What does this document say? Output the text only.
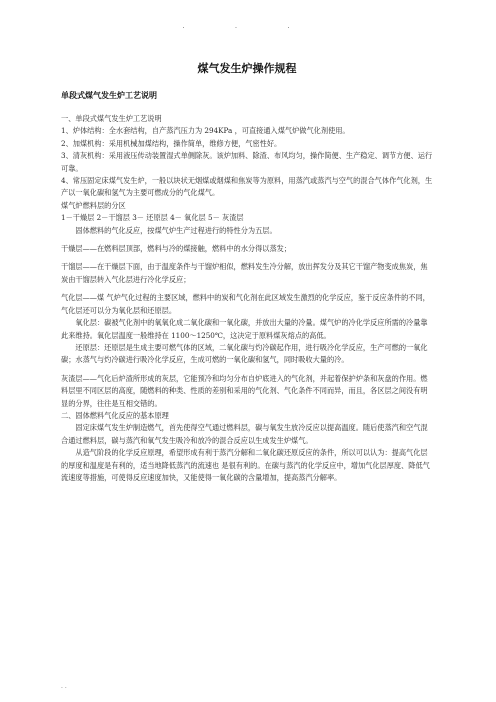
. . .
煤气发生炉操作规程
单段式煤气发生炉工艺说明

一、单段式煤气发生炉工艺说明

1、炉体结构：全水套结构，自产蒸汽压力为 294KPa ，可直接通入煤气炉做气化剂使用。

2、加煤机构：采用机械加煤结构，操作简单，维修方便，气密性好。

3、清灰机构：采用液压传动装置湿式单侧除灰。该炉加料、除渣、布风均匀，操作简便、生产稳定、调节方便、运行可靠。

4、常压固定床煤气发生炉，一般以块状无烟煤或烟煤和焦炭等为原料，用蒸汽或蒸汽与空气的混合气体作气化剂，生产以一氧化碳和氢气为主要可燃成分的气化煤气。

煤气炉燃料层的分区

1－干燥层 2－干馏层 3－ 还原层 4－ 氧化层 5－ 灰渣层

固体燃料的气化反应，按煤气炉生产过程进行的特性分为五层。

干燥层——在燃料层顶部，燃料与冷的煤接触，燃料中的水分得以蒸发；

干馏层——在干燥层下面，由于温度条件与干馏炉相似，燃料发生冷分解，放出挥发分及其它干馏产物变成焦炭，焦炭由干馏层转入气化层进行冷化学反应；

气化层——煤 气炉气化过程的主要区域，燃料中的炭和气化剂在此区域发生激烈的化学反应，鉴于反应条件的不同，气化层还可以分为氧化层和还原层。

氧化层：碳被气化剂中的氧氧化成二氧化碳和一氧化碳，并放出大量的冷量。煤气炉的冷化学反应所需的冷量靠此来维持。氧化层温度一般维持在 1100～1250℃，这决定于原料煤灰熔点的高低。

还原层：还原层是生成主要可燃气体的区域，二氧化碳与灼冷碳起作用，进行吸冷化学反应，生产可燃的一氧化碳；水蒸气与灼冷碳进行吸冷化学反应，生成可燃的一氧化碳和氢气，同时吸收大量的冷。

灰渣层——气化后炉渣所形成的灰层，它能预冷和均匀分布自炉底进入的气化剂，并起着保护炉条和灰盘的作用。燃料层里不同区层的高度，随燃料的种类、性质的差别和采用的气化剂、气化条件不同而异，而且，各区层之间没有明显的分界，往往是互相交错的。

二、固体燃料气化反应的基本原理

固定床煤气发生炉制造燃气，首先使得空气通过燃料层，碳与氧发生放冷反应以提高温度。随后使蒸汽和空气混合通过燃料层，碳与蒸汽和氧气发生吸冷和放冷的混合反应以生成发生炉煤气。

从造气阶段的化学反应原理，希望形成有利于蒸汽分解和二氧化碳还原反应的条件，所以可以认为：提高气化层的厚度和温度是有利的，适当地降低蒸汽的流速也 是很有利的。在碳与蒸汽的化学反应中，增加气化层厚度、降低气流速度等措施，可使得反应速度加快，又能使得一氧化碳的含量增加，提高蒸汽分解率。

. .
